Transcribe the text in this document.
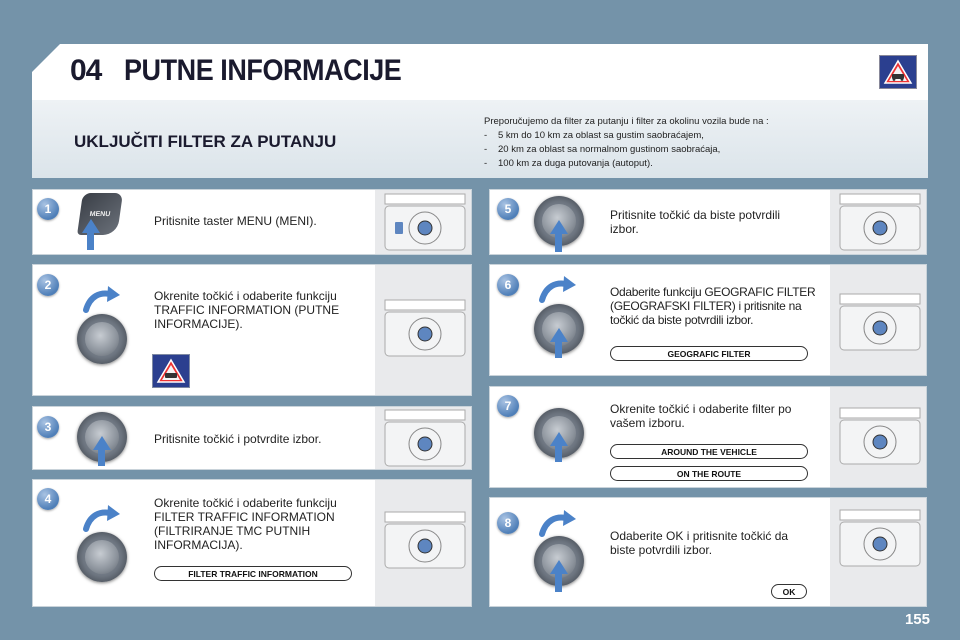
04 PUTNE INFORMACIJE
UKLJUČITI FILTER ZA PUTANJU
Preporučujemo da filter za putanju i filter za okolinu vozila bude na :
- 5 km do 10 km za oblast sa gustim saobraćajem,
- 20 km za oblast sa normalnom gustinom saobraćaja,
- 100 km za duga putovanja (autoput).
1	MENU	Pritisnite taster MENU (MENI).
2
Okrenite točkić i odaberite funkciju TRAFFIC INFORMATION (PUTNE INFORMACIJE).
3
Pritisnite točkić i potvrdite izbor.
4	Okrenite točkić i odaberite funkciju FILTER TRAFFIC INFORMATION (FILTRIRANJE TMC PUTNIH INFORMACIJA).
FILTER TRAFFIC INFORMATION
5	Pritisnite točkić da biste potvrdili izbor.
6	Odaberite funkciju GEOGRAFIC FILTER (GEOGRAFSKI FILTER) i pritisnite na točkić da biste potvrdili izbor.
GEOGRAFIC FILTER
7	Okrenite točkić i odaberite filter po vašem izboru.
AROUND THE VEHICLE
ON THE ROUTE
8
Odaberite OK i pritisnite točkić da biste potvrdili izbor.
OK
155
